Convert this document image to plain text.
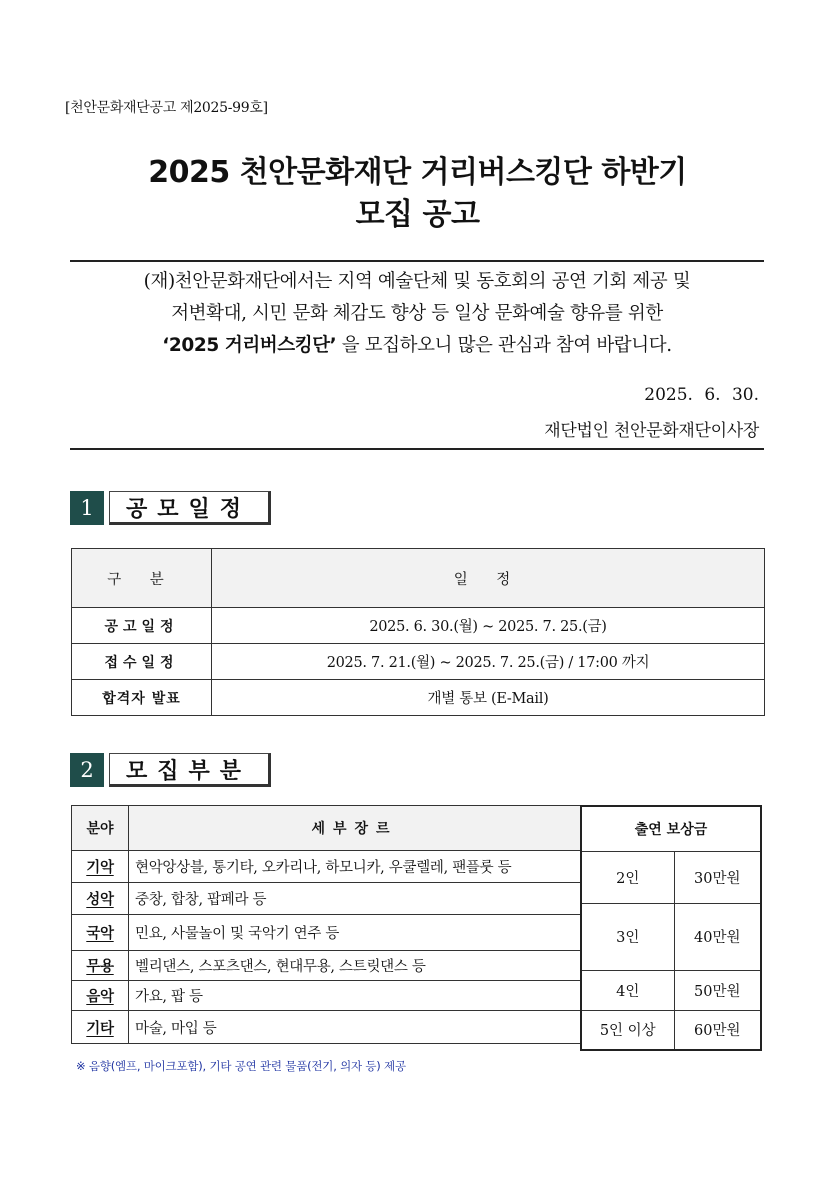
[천안문화재단공고 제2025-99호]
2025 천안문화재단 거리버스킹단 하반기
모집 공고
(재)천안문화재단에서는 지역 예술단체 및 동호회의 공연 기회 제공 및
저변확대, 시민 문화 체감도 향상 등 일상 문화예술 향유를 위한
‘2025 거리버스킹단’ 을 모집하오니 많은 관심과 참여 바랍니다.
2025. 6. 30.
재단법인 천안문화재단이사장
1	공모일정
구 분	일 정
공고일정	2025. 6. 30.(월) ~ 2025. 7. 25.(금)
접수일정	2025. 7. 21.(월) ~ 2025. 7. 25.(금) / 17:00 까지
합격자 발표	개별 통보 (E-Mail)
2	모집부분
분야	세부장르
기악	현악앙상블, 통기타, 오카리나, 하모니카, 우쿨렐레, 팬플룻 등
성악	중창, 합창, 팝페라 등
국악	민요, 사물놀이 및 국악기 연주 등
무용	벨리댄스, 스포츠댄스, 현대무용, 스트릿댄스 등
음악	가요, 팝 등
기타	마술, 마입 등
출연 보상금	
2인	30만원
3인	40만원
4인	50만원
5인 이상	60만원
※ 음향(엠프, 마이크포함), 기타 공연 관련 물품(전기, 의자 등) 제공
